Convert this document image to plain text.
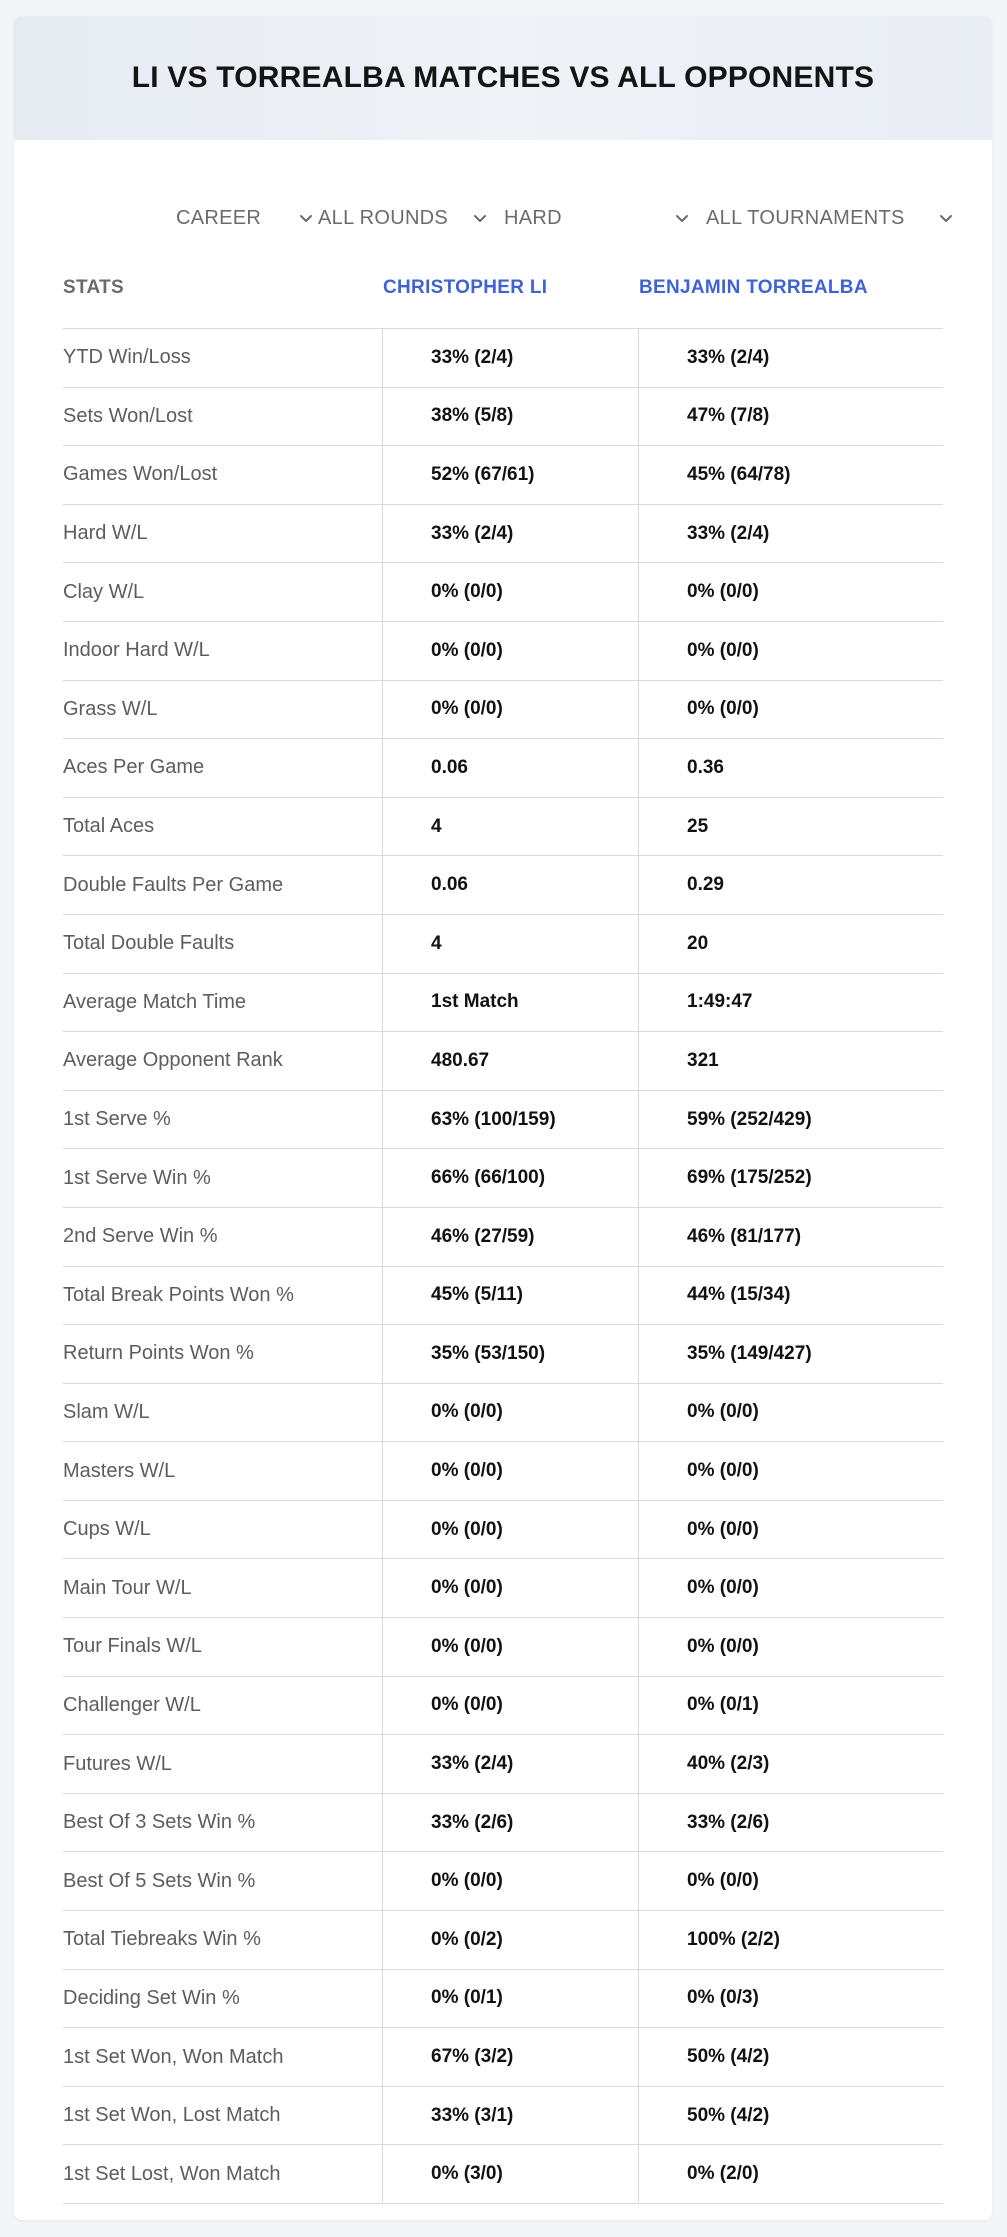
LI VS TORREALBA MATCHES VS ALL OPPONENTS
CAREER	ALL ROUNDS	HARD	ALL TOURNAMENTS
STATS	CHRISTOPHER LI	BENJAMIN TORREALBA
YTD Win/Loss	33% (2/4)	33% (2/4)
Sets Won/Lost	38% (5/8)	47% (7/8)
Games Won/Lost	52% (67/61)	45% (64/78)
Hard W/L	33% (2/4)	33% (2/4)
Clay W/L	0% (0/0)	0% (0/0)
Indoor Hard W/L	0% (0/0)	0% (0/0)
Grass W/L	0% (0/0)	0% (0/0)
Aces Per Game	0.06	0.36
Total Aces	4	25
Double Faults Per Game	0.06	0.29
Total Double Faults	4	20
Average Match Time	1st Match	1:49:47
Average Opponent Rank	480.67	321
1st Serve %	63% (100/159)	59% (252/429)
1st Serve Win %	66% (66/100)	69% (175/252)
2nd Serve Win %	46% (27/59)	46% (81/177)
Total Break Points Won %	45% (5/11)	44% (15/34)
Return Points Won %	35% (53/150)	35% (149/427)
Slam W/L	0% (0/0)	0% (0/0)
Masters W/L	0% (0/0)	0% (0/0)
Cups W/L	0% (0/0)	0% (0/0)
Main Tour W/L	0% (0/0)	0% (0/0)
Tour Finals W/L	0% (0/0)	0% (0/0)
Challenger W/L	0% (0/0)	0% (0/1)
Futures W/L	33% (2/4)	40% (2/3)
Best Of 3 Sets Win %	33% (2/6)	33% (2/6)
Best Of 5 Sets Win %	0% (0/0)	0% (0/0)
Total Tiebreaks Win %	0% (0/2)	100% (2/2)
Deciding Set Win %	0% (0/1)	0% (0/3)
1st Set Won, Won Match	67% (3/2)	50% (4/2)
1st Set Won, Lost Match	33% (3/1)	50% (4/2)
1st Set Lost, Won Match	0% (3/0)	0% (2/0)
